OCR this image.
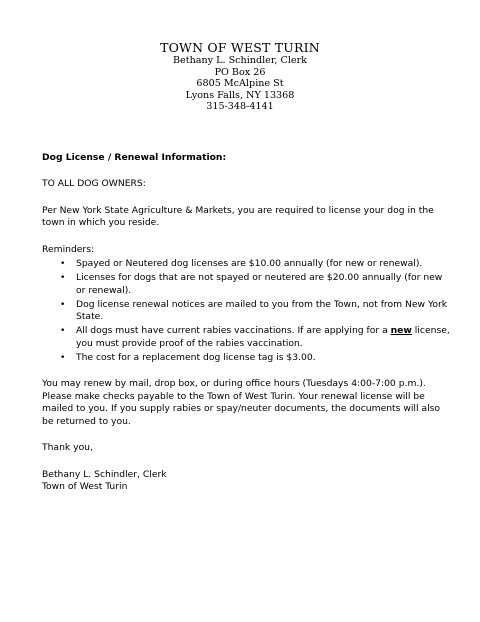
TOWN OF WEST TURIN
Bethany L. Schindler, Clerk
PO Box 26
6805 McAlpine St
Lyons Falls, NY 13368
315-348-4141

Dog License / Renewal Information:

TO ALL DOG OWNERS:

Per New York State Agriculture & Markets, you are required to license your dog in the town in which you reside.

Reminders:

• Spayed or Neutered dog licenses are $10.00 annually (for new or renewal).
• Licenses for dogs that are not spayed or neutered are $20.00 annually (for new or renewal).
• Dog license renewal notices are mailed to you from the Town, not from New York State.
• All dogs must have current rabies vaccinations. If are applying for a new license, you must provide proof of the rabies vaccination.
• The cost for a replacement dog license tag is $3.00.

You may renew by mail, drop box, or during office hours (Tuesdays 4:00-7:00 p.m.). Please make checks payable to the Town of West Turin. Your renewal license will be mailed to you. If you supply rabies or spay/neuter documents, the documents will also be returned to you.

Thank you,

Bethany L. Schindler, Clerk

Town of West Turin
